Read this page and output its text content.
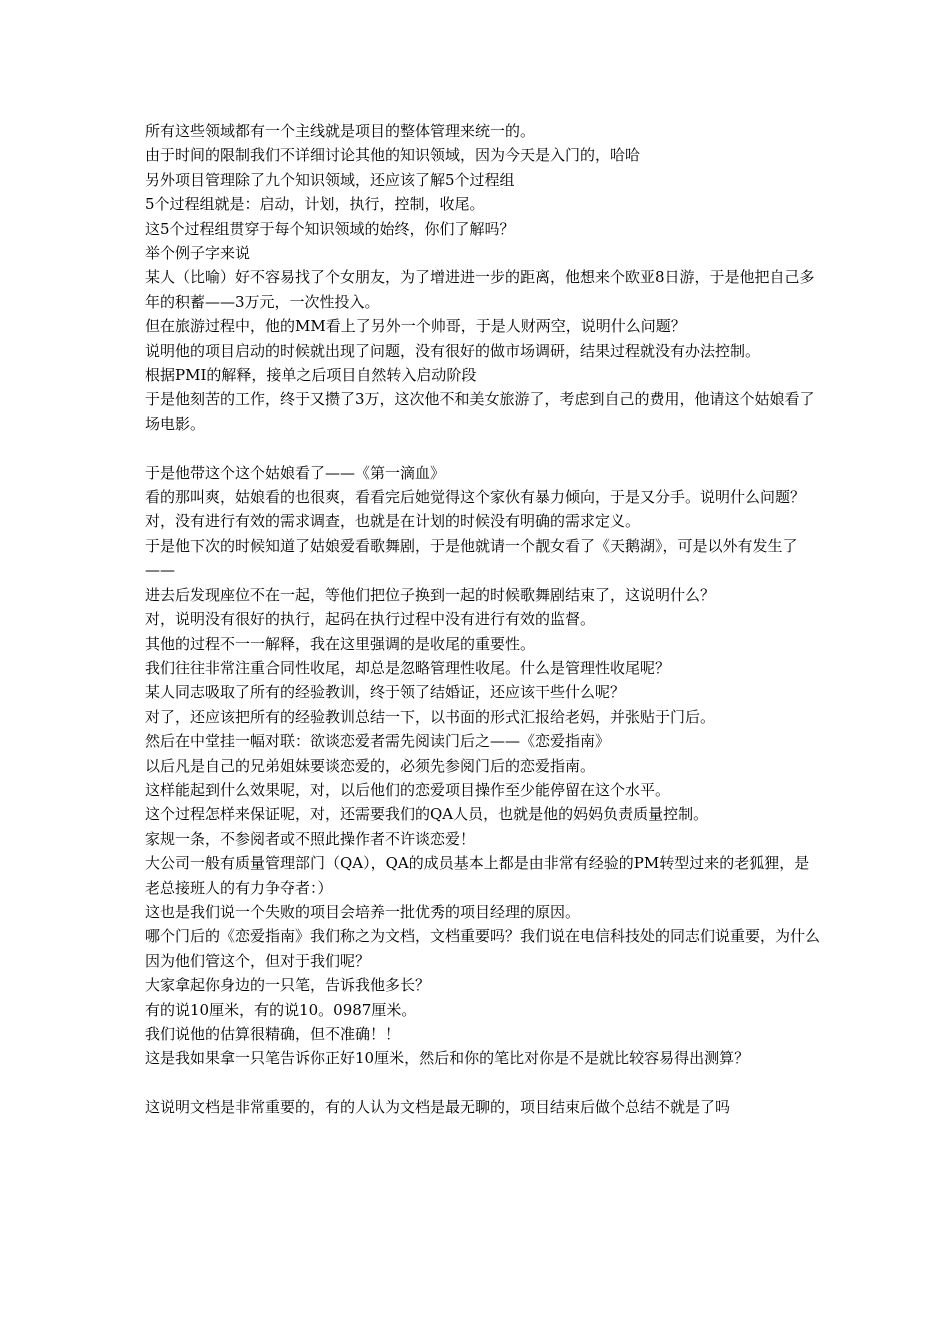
所有这些领域都有一个主线就是项目的整体管理来统一的。

由于时间的限制我们不详细讨论其他的知识领域，因为今天是入门的，哈哈

另外项目管理除了九个知识领域，还应该了解5个过程组

5个过程组就是：启动，计划，执行，控制，收尾。

这5个过程组贯穿于每个知识领域的始终，你们了解吗？

举个例子字来说

某人（比喻）好不容易找了个女朋友，为了增进进一步的距离，他想来个欧亚8日游，于是他把自己多年的积蓄——3万元，一次性投入。

但在旅游过程中，他的MM看上了另外一个帅哥，于是人财两空，说明什么问题？

说明他的项目启动的时候就出现了问题，没有很好的做市场调研，结果过程就没有办法控制。

根据PMI的解释，接单之后项目自然转入启动阶段

于是他刻苦的工作，终于又攒了3万，这次他不和美女旅游了，考虑到自己的费用，他请这个姑娘看了场电影。

于是他带这个这个姑娘看了——《第一滴血》

看的那叫爽，姑娘看的也很爽，看看完后她觉得这个家伙有暴力倾向，于是又分手。说明什么问题？

对，没有进行有效的需求调查，也就是在计划的时候没有明确的需求定义。

于是他下次的时候知道了姑娘爱看歌舞剧，于是他就请一个靓女看了《天鹅湖》，可是以外有发生了——

进去后发现座位不在一起，等他们把位子换到一起的时候歌舞剧结束了，这说明什么？

对，说明没有很好的执行，起码在执行过程中没有进行有效的监督。

其他的过程不一一解释，我在这里强调的是收尾的重要性。

我们往往非常注重合同性收尾，却总是忽略管理性收尾。什么是管理性收尾呢？

某人同志吸取了所有的经验教训，终于领了结婚证，还应该干些什么呢？

对了，还应该把所有的经验教训总结一下，以书面的形式汇报给老妈，并张贴于门后。

然后在中堂挂一幅对联：欲谈恋爱者需先阅读门后之——《恋爱指南》

以后凡是自己的兄弟姐妹要谈恋爱的，必须先参阅门后的恋爱指南。

这样能起到什么效果呢，对，以后他们的恋爱项目操作至少能停留在这个水平。

这个过程怎样来保证呢，对，还需要我们的QA人员，也就是他的妈妈负责质量控制。

家规一条，不参阅者或不照此操作者不许谈恋爱！

大公司一般有质量管理部门（QA），QA的成员基本上都是由非常有经验的PM转型过来的老狐狸，是老总接班人的有力争夺者：）

这也是我们说一个失败的项目会培养一批优秀的项目经理的原因。

哪个门后的《恋爱指南》我们称之为文档，文档重要吗？我们说在电信科技处的同志们说重要，为什么因为他们管这个，但对于我们呢？

大家拿起你身边的一只笔，告诉我他多长？

有的说10厘米，有的说10。0987厘米。

我们说他的估算很精确，但不准确！！

这是我如果拿一只笔告诉你正好10厘米，然后和你的笔比对你是不是就比较容易得出测算？

这说明文档是非常重要的，有的人认为文档是最无聊的，项目结束后做个总结不就是了吗
